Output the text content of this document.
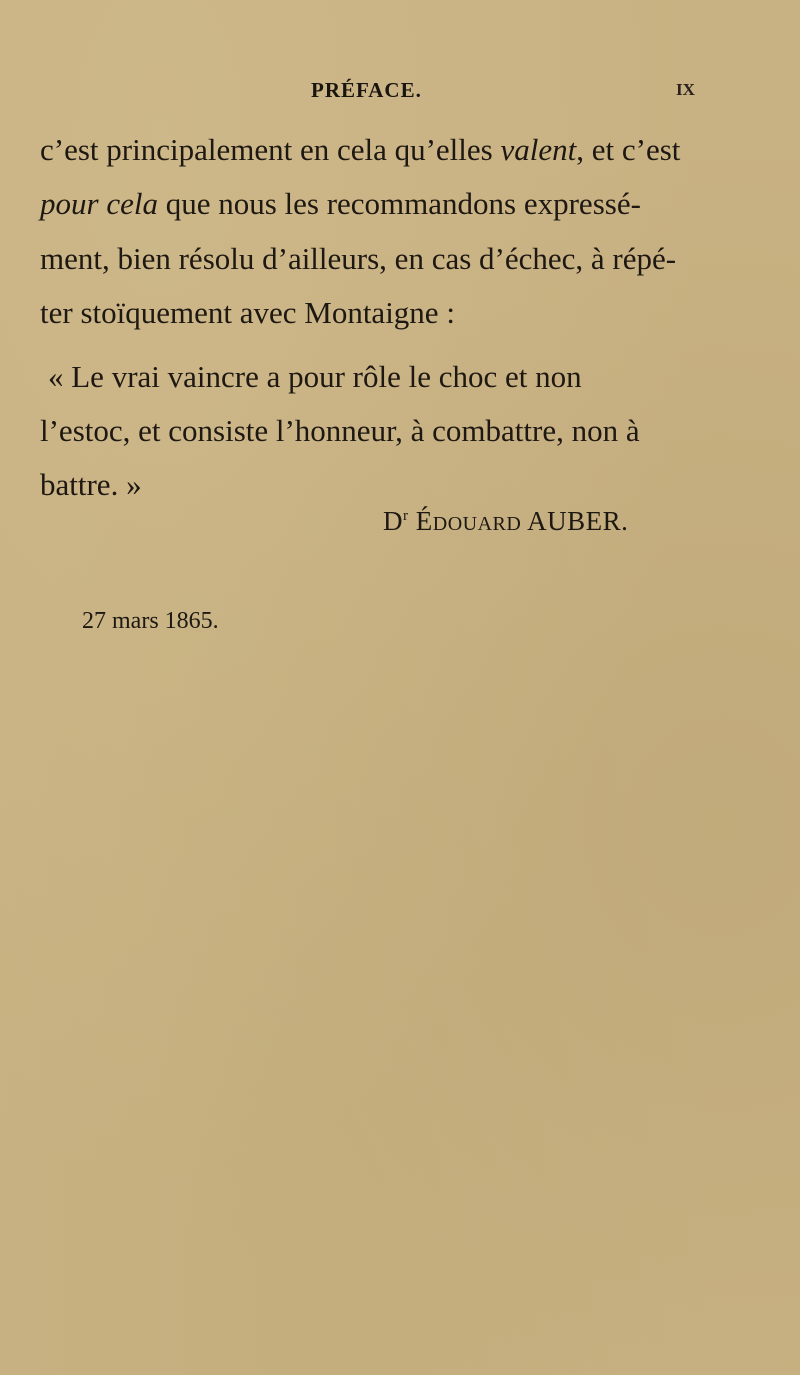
PRÉFACE.	IX
c’est principalement en cela qu’elles valent, et c’est
pour cela que nous les recommandons expressé-
ment, bien résolu d’ailleurs, en cas d’échec, à répé-
ter stoïquement avec Montaigne :
« Le vrai vaincre a pour rôle le choc et non
l’estoc, et consiste l’honneur, à combattre, non à
battre. »
$D^r$ ÉDOUARD AUBER.
27 mars 1865.
